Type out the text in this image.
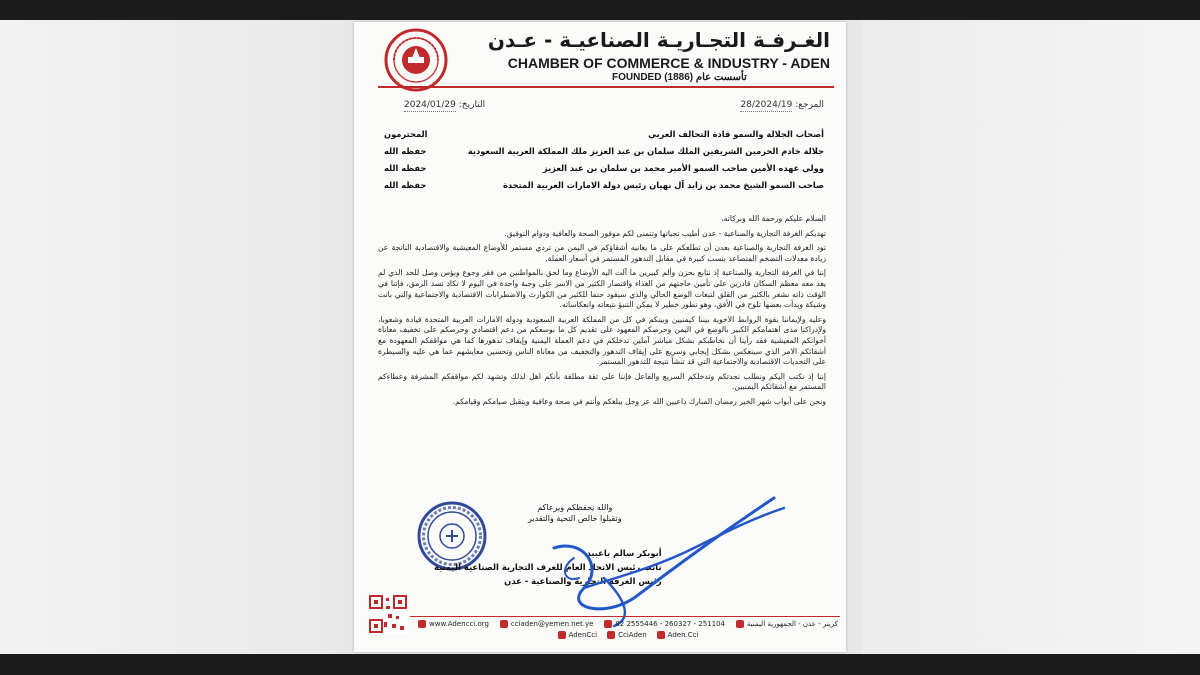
الغـرفـة التجـاريـة الصناعيـة - عـدن
CHAMBER OF COMMERCE & INDUSTRY - ADEN
FOUNDED (1886) تأسست عام
المرجع: 28/2024/19
التاريخ: 2024/01/29
أصحاب الجلالة والسمو قادة التحالف العربي
المحترمون
جلالة خادم الحرمين الشريفين الملك سلمان بن عبد العزيز ملك المملكة العربية السعودية
حفظه الله
وولي عهده الأمين صاحب السمو الأمير محمد بن سلمان بن عبد العزيز
حفظه الله
صاحب السمو الشيخ محمد بن زايد آل نهيان رئيس دولة الامارات العربية المتحدة
حفظه الله

السلام عليكم ورحمة الله وبركاته،

تهديكم الغرفة التجارية والصناعية - عدن أطيب تحياتها وتتمنى لكم موفور الصحة والعافية ودوام التوفيق.

تود الغرفة التجارية والصناعية بعدن أن تطلعكم على ما يعانيه أشقاؤكم في اليمن من تردي مستمر للأوضاع المعيشية والاقتصادية الناتجة عن زيادة معدلات التضخم المتصاعد بنسب كبيرة في مقابل التدهور المستمر في أسعار العملة.

إننا في الغرفة التجارية والصناعية إذ نتابع بحزن وألم كبيرين ما آلت اليه الأوضاع وما لحق بالمواطنين من فقر وجوع وبؤس وصل للحد الذي لم يعد معه معظم السكان قادرين على تأمين حاجتهم من الغذاء واقتصار الكثير من الاسر على وجبة واحدة في اليوم لا تكاد تسد الرمق، فإننا في الوقت ذاته نشعر بالكثير من القلق لتبعات الوضع الحالي والذي سيقود حتما للكثير من الكوارث والاضطرابات الاقتصادية والاجتماعية والتي باتت وشيكة وبدأت بعضها تلوح في الأفق، وهو تطور خطير لا يمكن التنبؤ بتبعاته وانعكاساته.

وعليه ولإيماننا بقوة الروابط الاخوية بيننا كيمنيين وبينكم في كل من المملكة العربية السعودية ودولة الامارات العربية المتحدة قيادة وشعوبا، ولإدراكنا مدى اهتمامكم الكبير بالوضع في اليمن وحرصكم المعهود على تقديم كل ما بوسعكم من دعم اقتصادي وحرصكم على تخفيف معاناة أخوانكم المعيشية فقد رأينا أن نخاطبكم بشكل مباشر آملين تدخلكم في دعم العملة اليمنية وإيقاف تدهورها كما هي مواقفكم المعهودة مع أشقائكم الامر الذي سينعكس بشكل إيجابي وسريع على إيقاف التدهور والتخفيف من معاناة الناس وتحسين معايشهم عما هي عليه والسيطرة على التحديات الاقتصادية والاجتماعية التي قد تنشأ نتيجة للتدهور المستمر.

إننا إذ نكتب اليكم ونطلب نجدتكم وتدخلكم السريع والفاعل فإننا على ثقة مطلقة بأنكم اهل لذلك وتشهد لكم مواقفكم المشرفة وعطاءكم المستمر مع أشقائكم اليمنيين.

ونحن على أبواب شهر الخير رمضان المبارك داعيين الله عز وجل يبلغكم وأنتم في صحة وعافية ويتقبل صيامكم وقيامكم.

والله يحفظكم ويرعاكم
وتقبلوا خالص التحية والتقدير
أبوبكر سالم باعبيد
نائب رئيس الاتحاد العام للغرف التجارية الصناعية اليمنية
رئيس الغرفة التجارية والصناعية - عدن
www.Adencci.org	cciaden@yemen.net.ye	02 2555446 - 260327 - 251104	كريتر - عدن - الجمهورية اليمنية
AdenCci	CciAden	Aden.Cci
